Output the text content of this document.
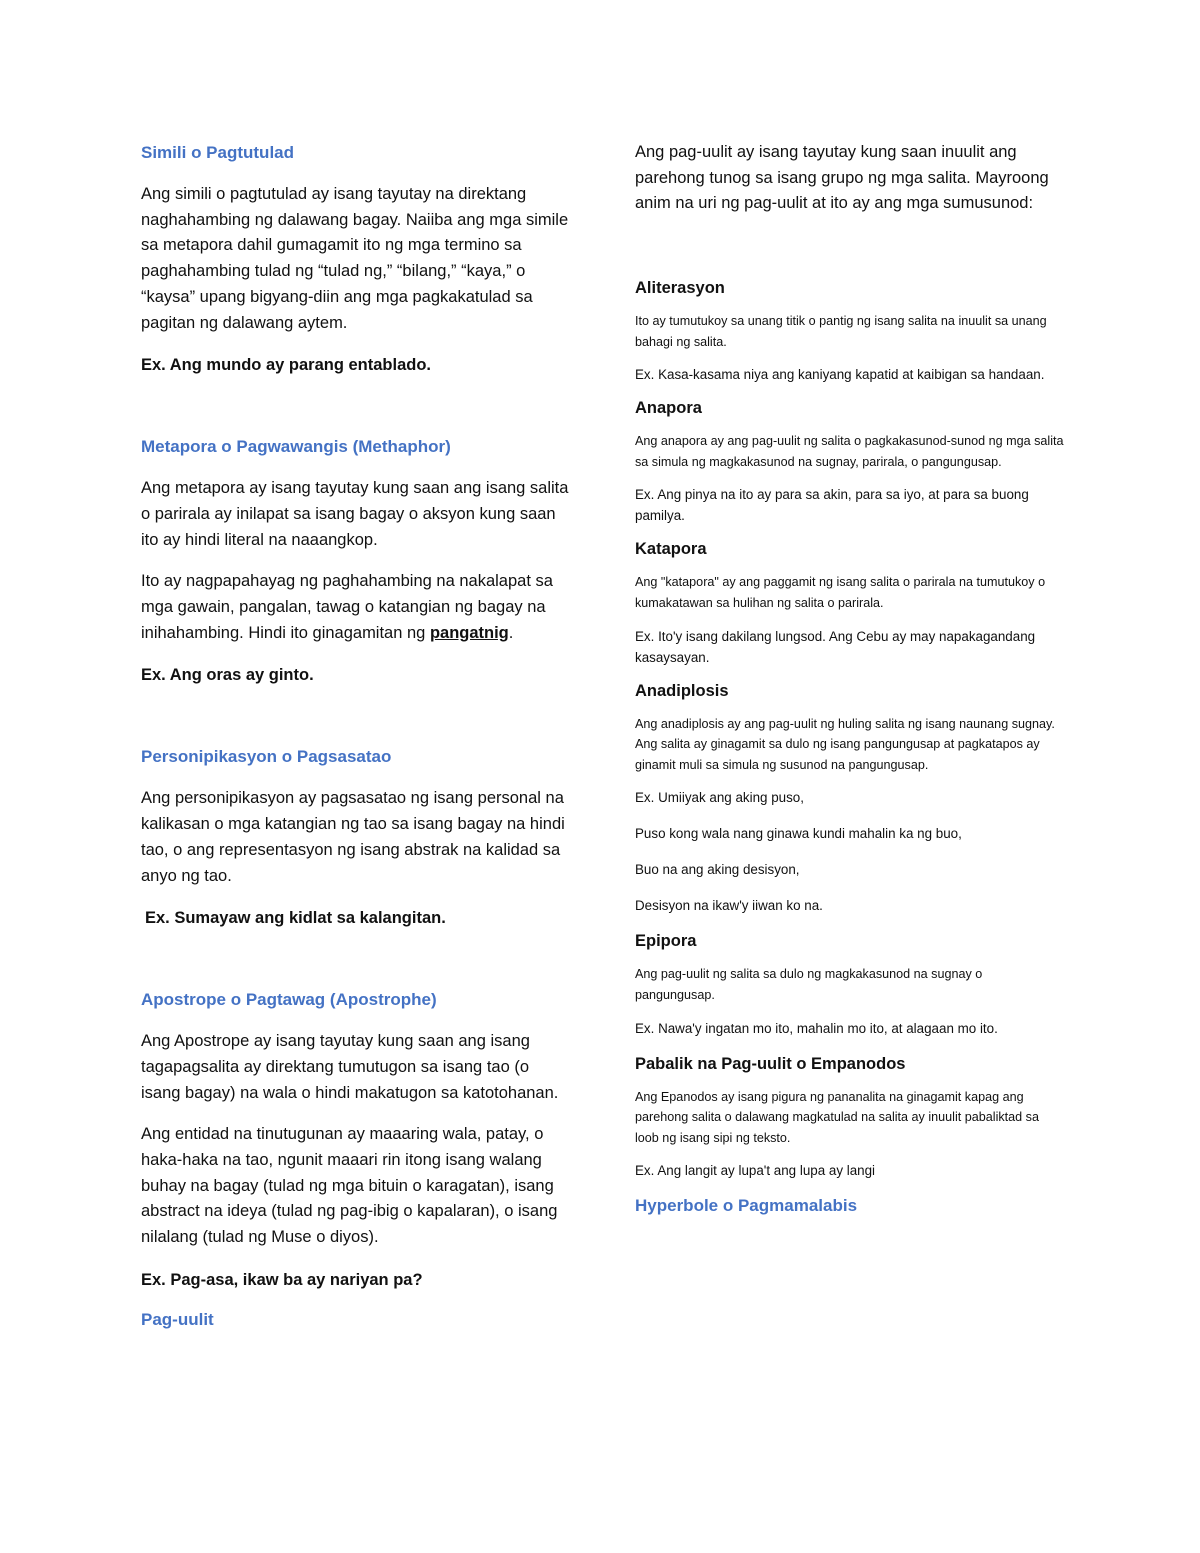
Simili o Pagtutulad

Ang simili o pagtutulad ay isang tayutay na direktang naghahambing ng dalawang bagay. Naiiba ang mga simile sa metapora dahil gumagamit ito ng mga termino sa paghahambing tulad ng “tulad ng,” “bilang,” “kaya,” o “kaysa” upang bigyang-diin ang mga pagkakatulad sa pagitan ng dalawang aytem.

Ex. Ang mundo ay parang entablado.

Metapora o Pagwawangis (Methaphor)

Ang metapora ay isang tayutay kung saan ang isang salita o parirala ay inilapat sa isang bagay o aksyon kung saan ito ay hindi literal na naaangkop.

Ito ay nagpapahayag ng paghahambing na nakalapat sa mga gawain, pangalan, tawag o katangian ng bagay na inihahambing. Hindi ito ginagamitan ng pangatnig.

Ex. Ang oras ay ginto.

Personipikasyon o Pagsasatao

Ang personipikasyon ay pagsasatao ng isang personal na kalikasan o mga katangian ng tao sa isang bagay na hindi tao, o ang representasyon ng isang abstrak na kalidad sa anyo ng tao.

Ex. Sumayaw ang kidlat sa kalangitan.

Apostrope o Pagtawag (Apostrophe)

Ang Apostrope ay isang tayutay kung saan ang isang tagapagsalita ay direktang tumutugon sa isang tao (o isang bagay) na wala o hindi makatugon sa katotohanan.

Ang entidad na tinutugunan ay maaaring wala, patay, o haka-haka na tao, ngunit maaari rin itong isang walang buhay na bagay (tulad ng mga bituin o karagatan), isang abstract na ideya (tulad ng pag-ibig o kapalaran), o isang nilalang (tulad ng Muse o diyos).

Ex. Pag-asa, ikaw ba ay nariyan pa?

Pag-uulit

Ang pag-uulit ay isang tayutay kung saan inuulit ang parehong tunog sa isang grupo ng mga salita. Mayroong anim na uri ng pag-uulit at ito ay ang mga sumusunod:

Aliterasyon

Ito ay tumutukoy sa unang titik o pantig ng isang salita na inuulit sa unang bahagi ng salita.

Ex. Kasa-kasama niya ang kaniyang kapatid at kaibigan sa handaan.

Anapora

Ang anapora ay ang pag-uulit ng salita o pagkakasunod-sunod ng mga salita sa simula ng magkakasunod na sugnay, parirala, o pangungusap.

Ex. Ang pinya na ito ay para sa akin, para sa iyo, at para sa buong pamilya.

Katapora

Ang "katapora" ay ang paggamit ng isang salita o parirala na tumutukoy o kumakatawan sa hulihan ng salita o parirala.

Ex. Ito'y isang dakilang lungsod. Ang Cebu ay may napakagandang kasaysayan.

Anadiplosis

Ang anadiplosis ay ang pag-uulit ng huling salita ng isang naunang sugnay. Ang salita ay ginagamit sa dulo ng isang pangungusap at pagkatapos ay ginamit muli sa simula ng susunod na pangungusap.

Ex. Umiiyak ang aking puso,

Puso kong wala nang ginawa kundi mahalin ka ng buo,

Buo na ang aking desisyon,

Desisyon na ikaw'y iiwan ko na.

Epipora

Ang pag-uulit ng salita sa dulo ng magkakasunod na sugnay o pangungusap.

Ex. Nawa'y ingatan mo ito, mahalin mo ito, at alagaan mo ito.

Pabalik na Pag-uulit o Empanodos

Ang Epanodos ay isang pigura ng pananalita na ginagamit kapag ang parehong salita o dalawang magkatulad na salita ay inuulit pabaliktad sa loob ng isang sipi ng teksto.

Ex. Ang langit ay lupa't ang lupa ay langi

Hyperbole o Pagmamalabis
